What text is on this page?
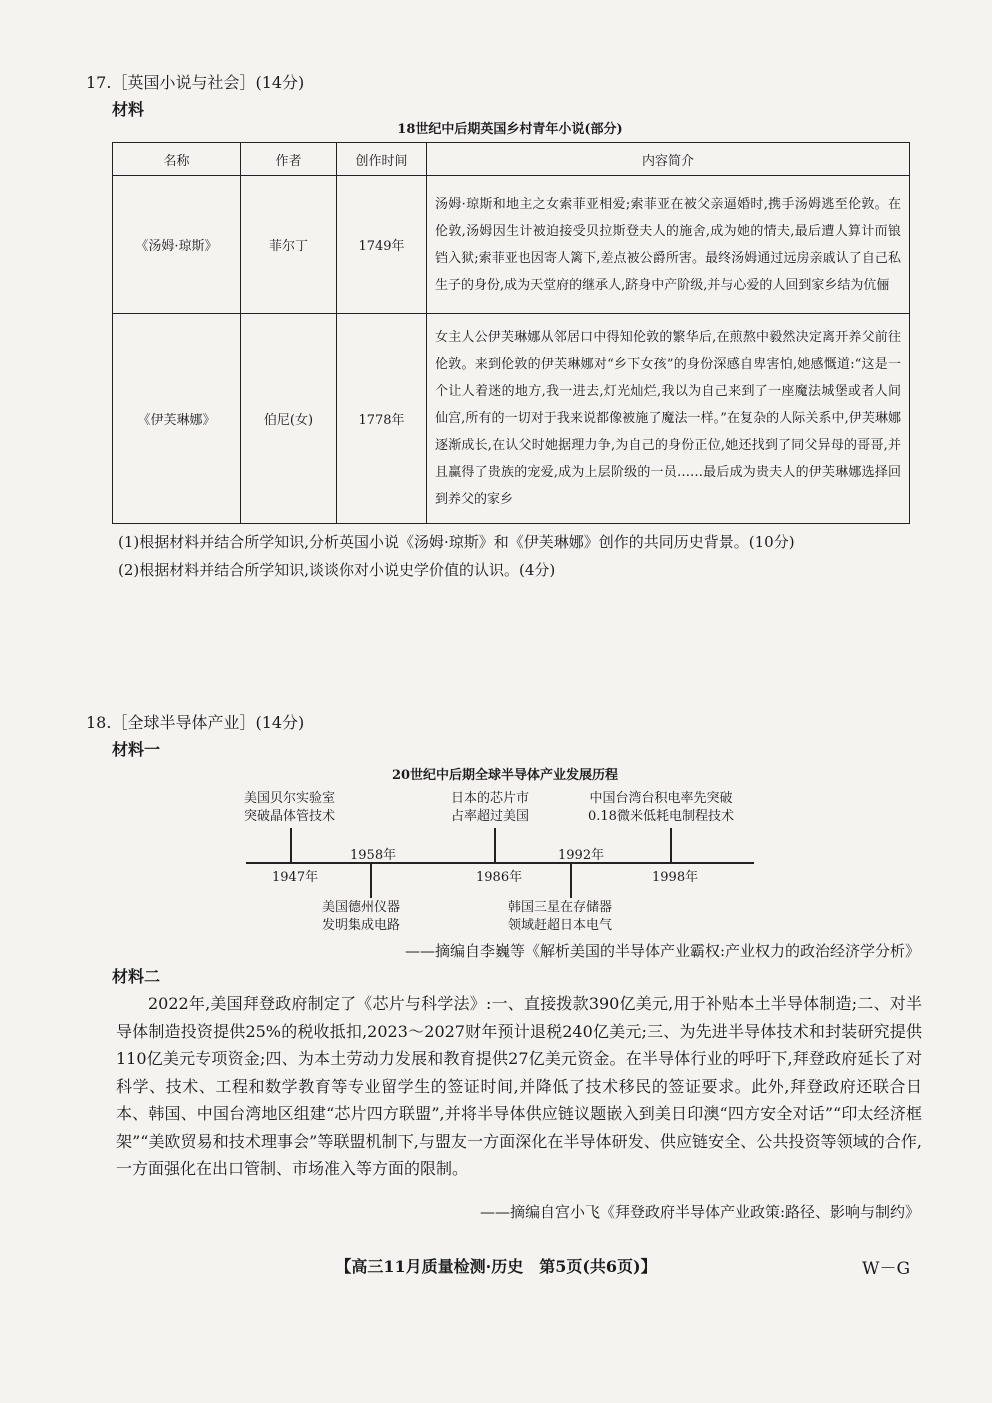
17.［英国小说与社会］(14分)
材料
18世纪中后期英国乡村青年小说(部分)
名称	作者	创作时间	内容简介
《汤姆·琼斯》	菲尔丁	1749年	汤姆·琼斯和地主之女索菲亚相爱;索菲亚在被父亲逼婚时,携手汤姆逃至伦敦。在伦敦,汤姆因生计被迫接受贝拉斯登夫人的施舍,成为她的情夫,最后遭人算计而锒铛入狱;索菲亚也因寄人篱下,差点被公爵所害。最终汤姆通过远房亲戚认了自己私生子的身份,成为天堂府的继承人,跻身中产阶级,并与心爱的人回到家乡结为伉俪
《伊芙琳娜》	伯尼(女)	1778年	女主人公伊芙琳娜从邻居口中得知伦敦的繁华后,在煎熬中毅然决定离开养父前往伦敦。来到伦敦的伊芙琳娜对“乡下女孩”的身份深感自卑害怕,她感慨道:“这是一个让人着迷的地方,我一进去,灯光灿烂,我以为自己来到了一座魔法城堡或者人间仙宫,所有的一切对于我来说都像被施了魔法一样。”在复杂的人际关系中,伊芙琳娜逐渐成长,在认父时她据理力争,为自己的身份正位,她还找到了同父异母的哥哥,并且赢得了贵族的宠爱,成为上层阶级的一员……最后成为贵夫人的伊芙琳娜选择回到养父的家乡
(1)根据材料并结合所学知识,分析英国小说《汤姆·琼斯》和《伊芙琳娜》创作的共同历史背景。(10分)
(2)根据材料并结合所学知识,谈谈你对小说史学价值的认识。(4分)
18.［全球半导体产业］(14分)
材料一
20世纪中后期全球半导体产业发展历程
美国贝尔实验室
突破晶体管技术
1947年
1958年
美国德州仪器
发明集成电路
日本的芯片市
占率超过美国
1986年
1992年
韩国三星在存储器
领域赶超日本电气
中国台湾台积电率先突破
0.18微米低耗电制程技术
1998年
——摘编自李巍等《解析美国的半导体产业霸权:产业权力的政治经济学分析》
材料二

2022年,美国拜登政府制定了《芯片与科学法》:一、直接拨款390亿美元,用于补贴本土半导体制造;二、对半导体制造投资提供25%的税收抵扣,2023～2027财年预计退税240亿美元;三、为先进半导体技术和封装研究提供110亿美元专项资金;四、为本土劳动力发展和教育提供27亿美元资金。在半导体行业的呼吁下,拜登政府延长了对科学、技术、工程和数学教育等专业留学生的签证时间,并降低了技术移民的签证要求。此外,拜登政府还联合日本、韩国、中国台湾地区组建“芯片四方联盟”,并将半导体供应链议题嵌入到美日印澳“四方安全对话”“印太经济框架”“美欧贸易和技术理事会”等联盟机制下,与盟友一方面深化在半导体研发、供应链安全、公共投资等领域的合作,一方面强化在出口管制、市场准入等方面的限制。

——摘编自宫小飞《拜登政府半导体产业政策:路径、影响与制约》
【高三11月质量检测·历史　第5页(共6页)】	W－G
